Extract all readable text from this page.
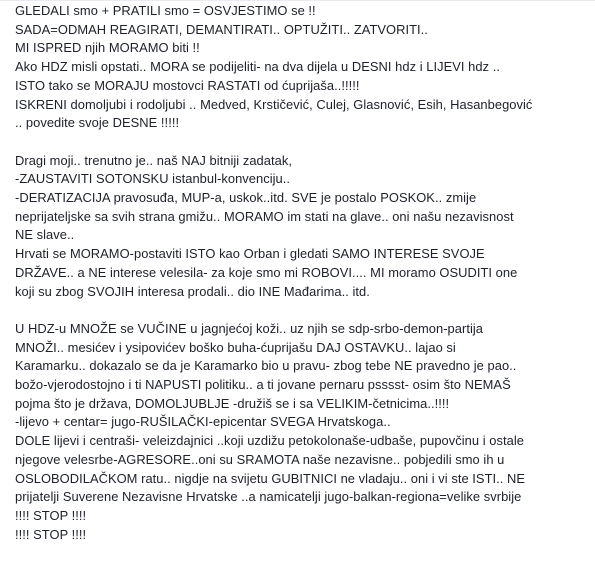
GLEDALI smo + PRATILI smo = OSVJESTIMO se !!
SADA=ODMAH REAGIRATI, DEMANTIRATI.. OPTUŽITI.. ZATVORITI..
MI ISPRED njih MORAMO biti !!
Ako HDZ misli opstati.. MORA se podijeliti- na dva dijela u DESNI hdz i LIJEVI hdz ..
ISTO tako se MORAJU mostovci RASTATI od ćuprijaša..!!!!!
ISKRENI domoljubi i rodoljubi .. Medved, Krstičević, Culej, Glasnović, Esih, Hasanbegović
.. povedite svoje DESNE !!!!!
Dragi moji.. trenutno je.. naš NAJ bitniji zadatak,
-ZAUSTAVITI SOTONSKU istanbul-konvenciju..
-DERATIZACIJA pravosuđa, MUP-a, uskok..itd. SVE je postalo POSKOK.. zmije
neprijateljske sa svih strana gmižu.. MORAMO im stati na glave.. oni našu nezavisnost
NE slave..
Hrvati se MORAMO-postaviti ISTO kao Orban i gledati SAMO INTERESE SVOJE
DRŽAVE.. a NE interese velesila- za koje smo mi ROBOVI.... MI moramo OSUDITI one
koji su zbog SVOJIH interesa prodali.. dio INE Mađarima.. itd.
U HDZ-u MNOŽE se VUČINE u jagnjećoj koži.. uz njih se sdp-srbo-demon-partija
MNOŽI.. mesićev i ysipovićev boško buha-ćuprijašu DAJ OSTAVKU.. lajao si
Karamarku.. dokazalo se da je Karamarko bio u pravu- zbog tebe NE pravedno je pao..
božo-vjerodostojno i ti NAPUSTI politiku.. a ti jovane pernaru psssst- osim što NEMAŠ
pojma što je država, DOMOLJUBLJE -družiš se i sa VELIKIM-četnicima..!!!!
-lijevo + centar= jugo-RUŠILAČKI-epicentar SVEGA Hrvatskoga..
DOLE lijevi i centraši- veleizdajnici ..koji uzdižu petokolonaše-udbaše, pupovčinu i ostale
njegove velesrbe-AGRESORE..oni su SRAMOTA naše nezavisne.. pobjedili smo ih u
OSLOBODILAČKOM ratu.. nigdje na svijetu GUBITNICI ne vladaju.. oni i vi ste ISTI.. NE
prijatelji Suverene Nezavisne Hrvatske ..a namicatelji jugo-balkan-regiona=velike svrbije
!!!! STOP !!!!
!!!! STOP !!!!
